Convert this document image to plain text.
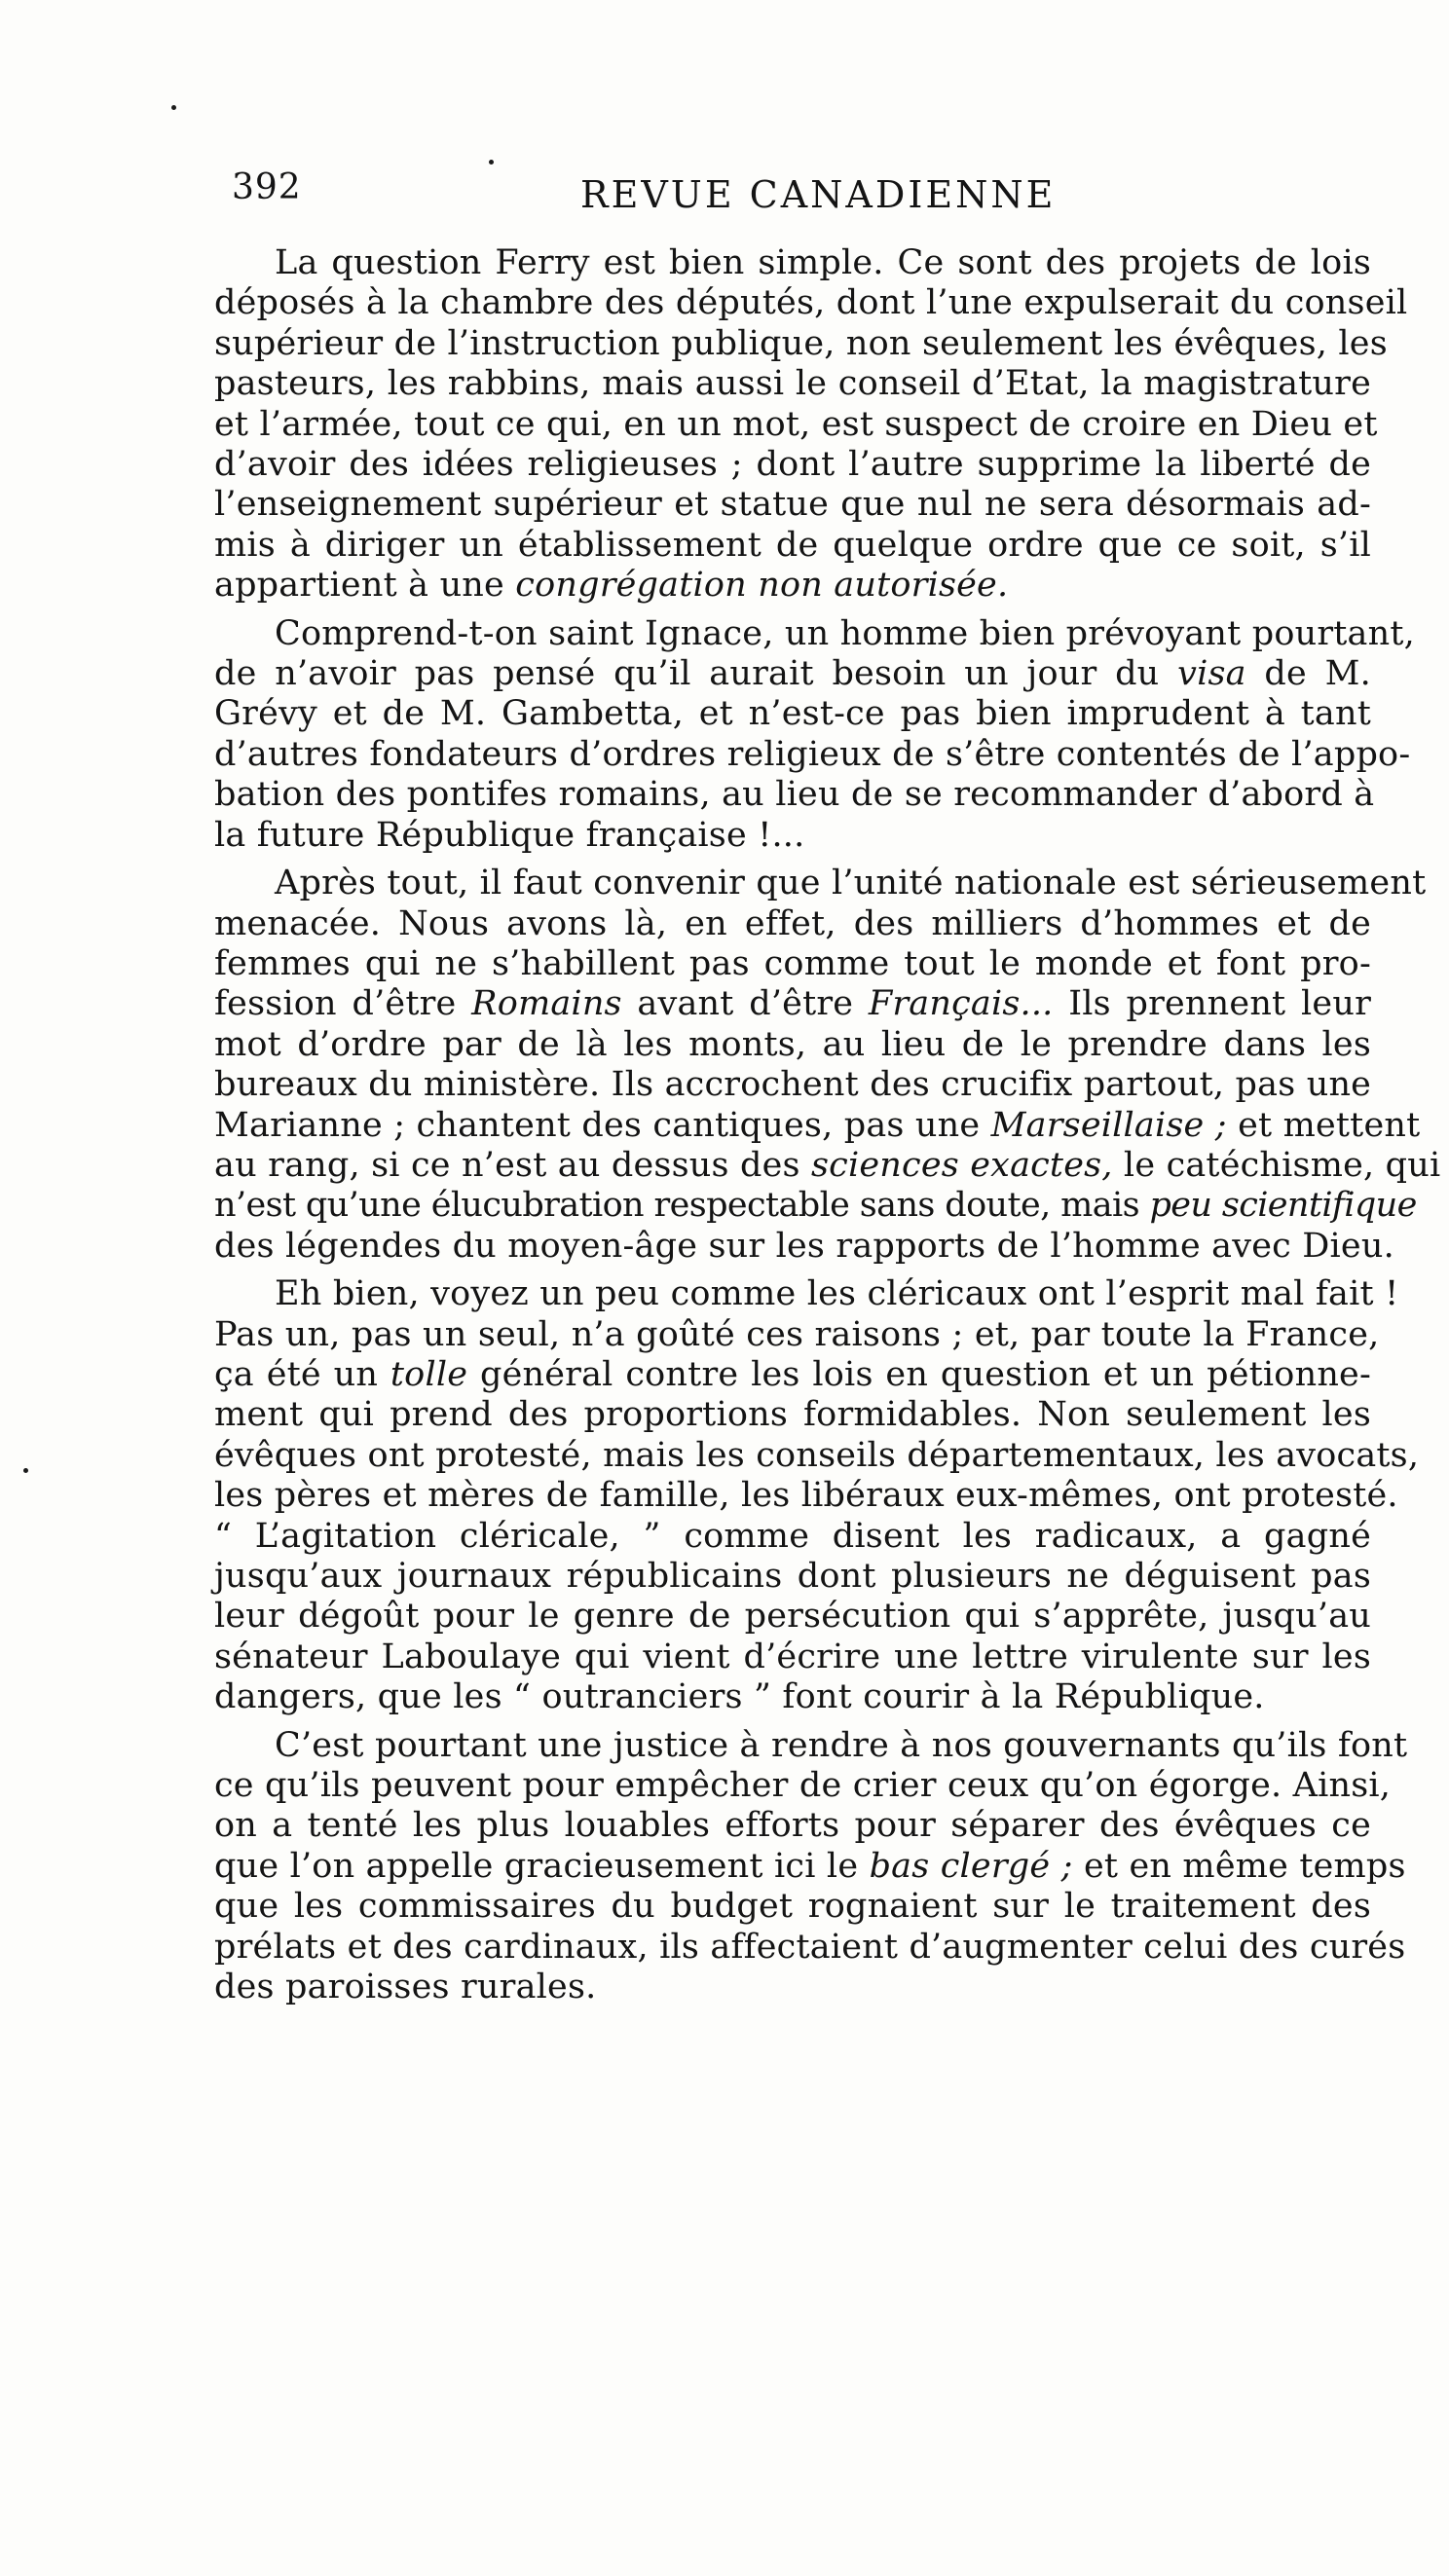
392	REVUE CANADIENNE
La question Ferry est bien simple. Ce sont des projets de lois
déposés à la chambre des députés, dont l’une expulserait du conseil
supérieur de l’instruction publique, non seulement les évêques, les
pasteurs, les rabbins, mais aussi le conseil d’Etat, la magistrature
et l’armée, tout ce qui, en un mot, est suspect de croire en Dieu et
d’avoir des idées religieuses ; dont l’autre supprime la liberté de
l’enseignement supérieur et statue que nul ne sera désormais ad-
mis à diriger un établissement de quelque ordre que ce soit, s’il
appartient à une congrégation non autorisée.
Comprend-t-on saint Ignace, un homme bien prévoyant pourtant,
de n’avoir pas pensé qu’il aurait besoin un jour du visa de M.
Grévy et de M. Gambetta, et n’est-ce pas bien imprudent à tant
d’autres fondateurs d’ordres religieux de s’être contentés de l’appo-
bation des pontifes romains, au lieu de se recommander d’abord à
la future République française !...
Après tout, il faut convenir que l’unité nationale est sérieusement
menacée. Nous avons là, en effet, des milliers d’hommes et de
femmes qui ne s’habillent pas comme tout le monde et font pro-
fession d’être Romains avant d’être Français... Ils prennent leur
mot d’ordre par de là les monts, au lieu de le prendre dans les
bureaux du ministère. Ils accrochent des crucifix partout, pas une
Marianne ; chantent des cantiques, pas une Marseillaise ; et mettent
au rang, si ce n’est au dessus des sciences exactes, le catéchisme, qui
n’est qu’une élucubration respectable sans doute, mais peu scientifique
des légendes du moyen-âge sur les rapports de l’homme avec Dieu.
Eh bien, voyez un peu comme les cléricaux ont l’esprit mal fait !
Pas un, pas un seul, n’a goûté ces raisons ; et, par toute la France,
ça été un tolle général contre les lois en question et un pétionne-
ment qui prend des proportions formidables. Non seulement les
évêques ont protesté, mais les conseils départementaux, les avocats,
les pères et mères de famille, les libéraux eux-mêmes, ont protesté.
“ L’agitation cléricale, ” comme disent les radicaux, a gagné
jusqu’aux journaux républicains dont plusieurs ne déguisent pas
leur dégoût pour le genre de persécution qui s’apprête, jusqu’au
sénateur Laboulaye qui vient d’écrire une lettre virulente sur les
dangers, que les “ outranciers ” font courir à la République.
C’est pourtant une justice à rendre à nos gouvernants qu’ils font
ce qu’ils peuvent pour empêcher de crier ceux qu’on égorge. Ainsi,
on a tenté les plus louables efforts pour séparer des évêques ce
que l’on appelle gracieusement ici le bas clergé ; et en même temps
que les commissaires du budget rognaient sur le traitement des
prélats et des cardinaux, ils affectaient d’augmenter celui des curés
des paroisses rurales.
